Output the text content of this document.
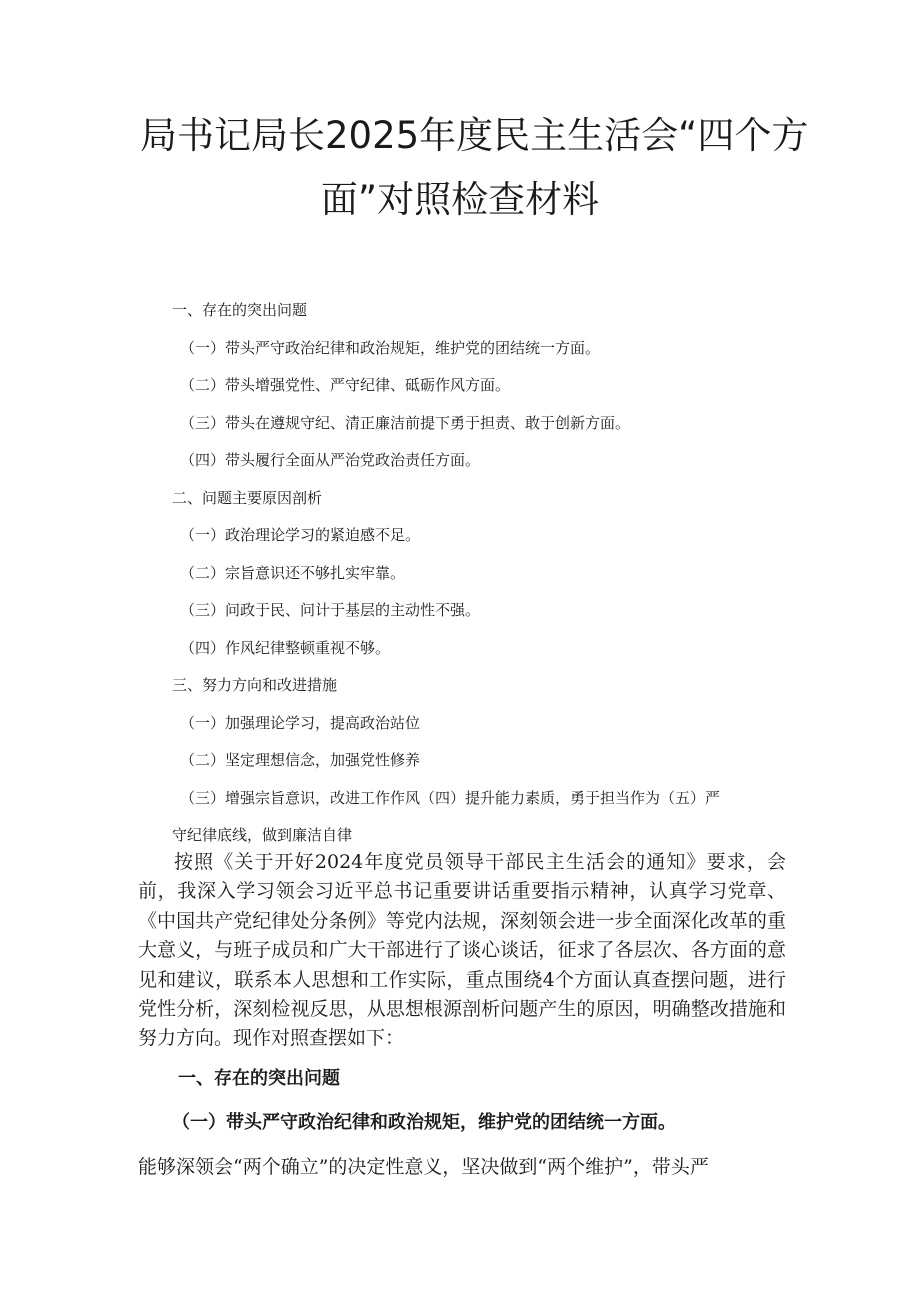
局书记局长2025年度民主生活会“四个方
面”对照检查材料
一、存在的突出问题
（一）带头严守政治纪律和政治规矩，维护党的团结统一方面。
（二）带头增强党性、严守纪律、砥砺作风方面。
（三）带头在遵规守纪、清正廉洁前提下勇于担责、敢于创新方面。
（四）带头履行全面从严治党政治责任方面。
二、问题主要原因剖析
（一）政治理论学习的紧迫感不足。
（二）宗旨意识还不够扎实牢靠。
（三）问政于民、问计于基层的主动性不强。
（四）作风纪律整顿重视不够。
三、努力方向和改进措施
（一）加强理论学习，提高政治站位
（二）坚定理想信念，加强党性修养
（三）增强宗旨意识，改进工作作风（四）提升能力素质，勇于担当作为（五）严
守纪律底线，做到廉洁自律

按照《关于开好2024年度党员领导干部民主生活会的通知》要求，会前，我深入学习领会习近平总书记重要讲话重要指示精神，认真学习党章、《中国共产党纪律处分条例》等党内法规，深刻领会进一步全面深化改革的重大意义，与班子成员和广大干部进行了谈心谈话，征求了各层次、各方面的意见和建议，联系本人思想和工作实际，重点围绕4个方面认真查摆问题，进行党性分析，深刻检视反思，从思想根源剖析问题产生的原因，明确整改措施和努力方向。现作对照查摆如下：

一、存在的突出问题
（一）带头严守政治纪律和政治规矩，维护党的团结统一方面。

能够深领会“两个确立”的决定性意义，坚决做到“两个维护”，带头严
